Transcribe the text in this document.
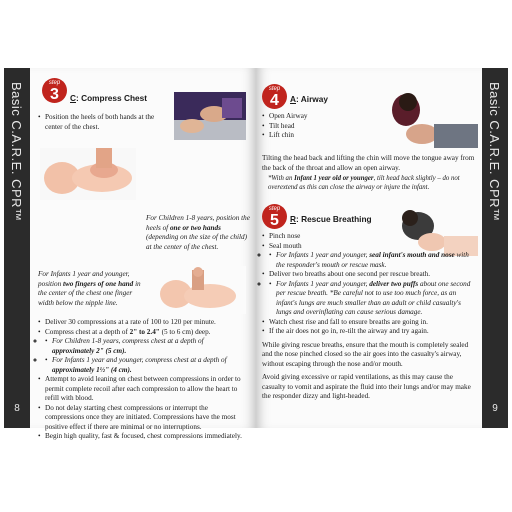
Basic C.A.R.E. CPR™
8
step
3	C: Compress Chest
• Position the heels of both hands at the center of the chest.
For Children 1-8 years, position the heels of one or two hands (depending on the size of the child) at the center of the chest.
For Infants 1 year and younger, position two fingers of one hand in the center of the chest one finger width below the nipple line.
• Deliver 30 compressions at a rate of 100 to 120 per minute.
• Compress chest at a depth of 2" to 2.4" (5 to 6 cm) deep.
• ◦ For Children 1-8 years, compress chest at a depth of approximately 2" (5 cm).
• ◦ For Infants 1 year and younger, compress chest at a depth of approximately 1½" (4 cm).
• Attempt to avoid leaning on chest between compressions in order to permit complete recoil after each compression to allow the heart to refill with blood.
• Do not delay starting chest compressions or interrupt the compressions once they are initiated. Compressions have the most positive effect if there are minimal or no interruptions.
• Begin high quality, fast & focused, chest compressions immediately.
Basic C.A.R.E. CPR™
9
step
4	A: Airway
• Open Airway
• Tilt head
• Lift chin

Tilting the head back and lifting the chin will move the tongue away from the back of the throat and allow an open airway.

*With an Infant 1 year old or younger, tilt head back slightly – do not overextend as this can close the airway or injure the infant.

step
5	R: Rescue Breathing
• Pinch nose
• Seal mouth
• ◦ For Infants 1 year and younger, seal infant's mouth and nose with the responder's mouth or rescue mask.
• Deliver two breaths about one second per rescue breath.
• ◦ For Infants 1 year and younger, deliver two puffs about one second per rescue breath. *Be careful not to use too much force, as an infant's lungs are much smaller than an adult or child casualty's lungs and overinflating can cause serious damage.
• Watch chest rise and fall to ensure breaths are going in.
• If the air does not go in, re-tilt the airway and try again.

While giving rescue breaths, ensure that the mouth is completely sealed and the nose pinched closed so the air goes into the casualty's airway, without escaping through the nose and/or mouth.

Avoid giving excessive or rapid ventilations, as this may cause the casualty to vomit and aspirate the fluid into their lungs and/or may make the responder dizzy and light-headed.
